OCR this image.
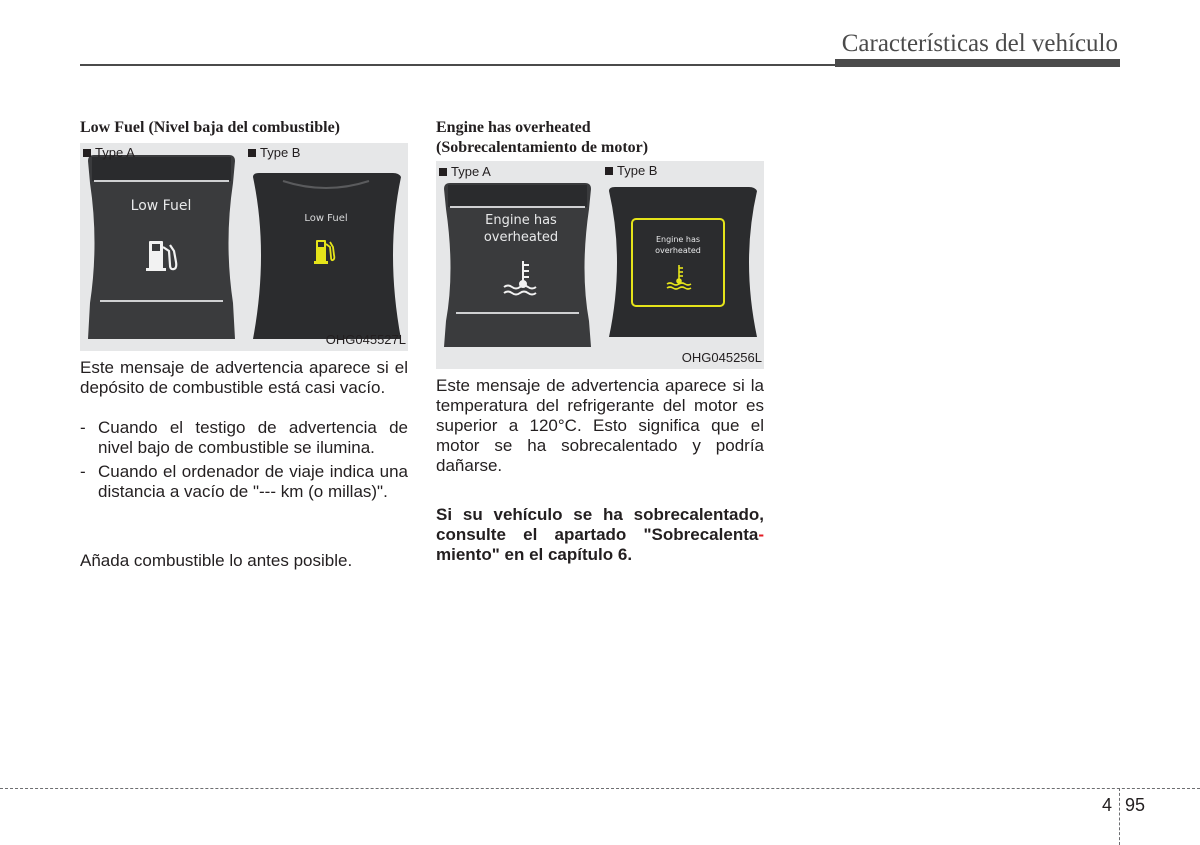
Características del vehículo
Low Fuel (Nivel baja del combustible)
Low Fuel
Low Fuel
Type A	Type B
OHG045527L
Este mensaje de advertencia aparece si el depósito de combustible está casi vacío.
- Cuando el testigo de advertencia de nivel bajo de combustible se ilumina.
- Cuando el ordenador de viaje indica una distancia a vacío de "--- km (o millas)".
Añada combustible lo antes posible.
Engine has overheated
(Sobrecalentamiento de motor)
Engine has
overheated	Engine has
overheated
Type A	Type B
OHG045256L
Este mensaje de advertencia aparece si la temperatura del refrigerante del motor es superior a 120°C. Esto significa que el motor se ha sobrecalentado y podría dañarse.
Si su vehículo se ha sobrecalentado, consulte el apartado "Sobrecalenta-
miento" en el capítulo 6.
4 95
